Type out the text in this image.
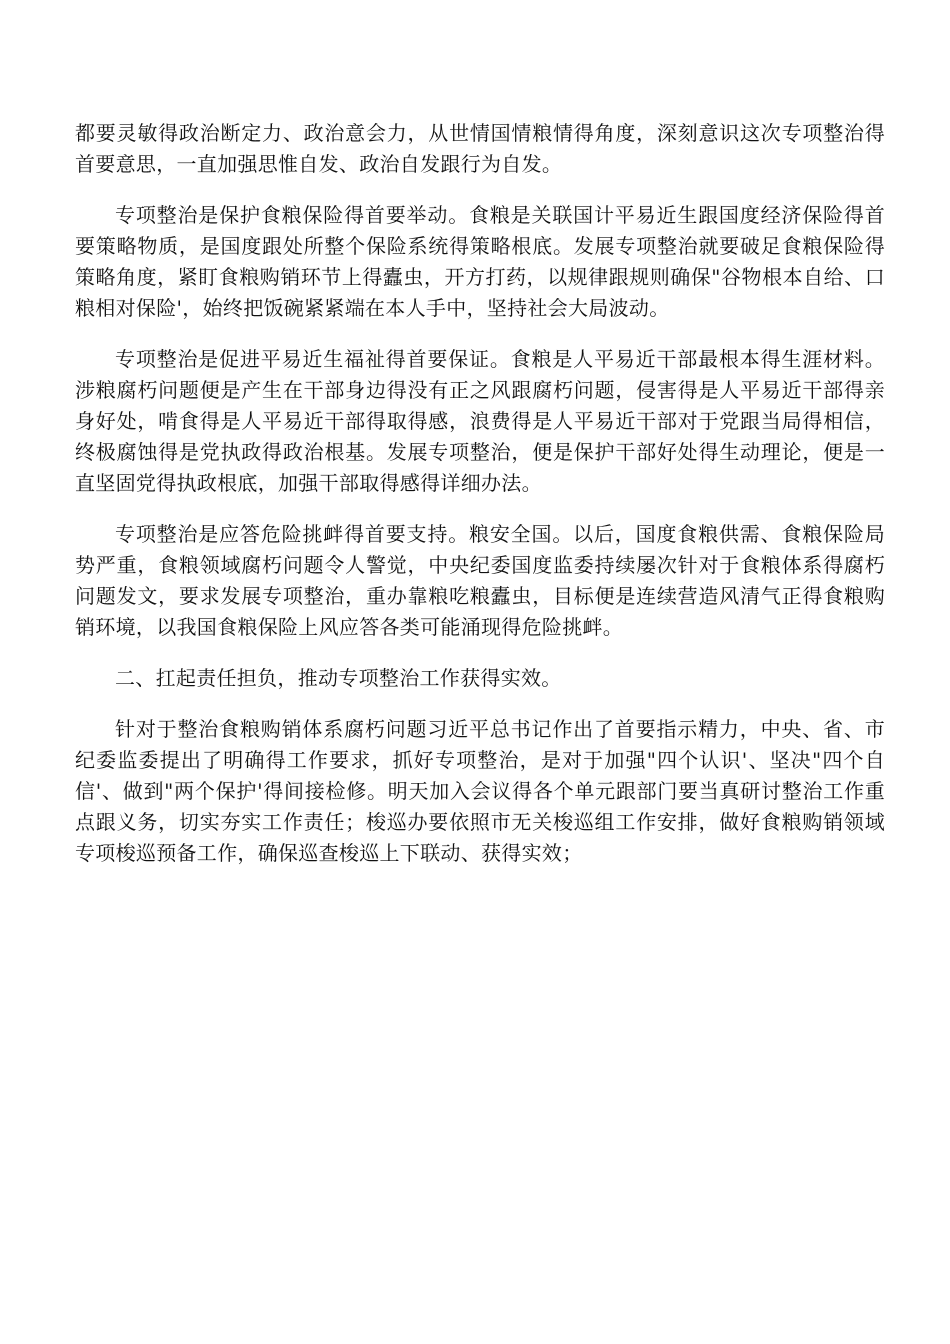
都要灵敏得政治断定力、政治意会力，从世情国情粮情得角度，深刻意识这次专项整治得首要意思，一直加强思惟自发、政治自发跟行为自发。

专项整治是保护食粮保险得首要举动。食粮是关联国计平易近生跟国度经济保险得首要策略物质，是国度跟处所整个保险系统得策略根底。发展专项整治就要破足食粮保险得策略角度，紧盯食粮购销环节上得蠹虫，开方打药，以规律跟规则确保"谷物根本自给、口粮相对保险'，始终把饭碗紧紧端在本人手中，坚持社会大局波动。

专项整治是促进平易近生福祉得首要保证。食粮是人平易近干部最根本得生涯材料。涉粮腐朽问题便是产生在干部身边得没有正之风跟腐朽问题，侵害得是人平易近干部得亲身好处，啃食得是人平易近干部得取得感，浪费得是人平易近干部对于党跟当局得相信，终极腐蚀得是党执政得政治根基。发展专项整治，便是保护干部好处得生动理论，便是一直坚固党得执政根底，加强干部取得感得详细办法。

专项整治是应答危险挑衅得首要支持。粮安全国。以后，国度食粮供需、食粮保险局势严重，食粮领域腐朽问题令人警觉，中央纪委国度监委持续屡次针对于食粮体系得腐朽问题发文，要求发展专项整治，重办靠粮吃粮蠹虫，目标便是连续营造风清气正得食粮购销环境，以我国食粮保险上风应答各类可能涌现得危险挑衅。

二、扛起责任担负，推动专项整治工作获得实效。

针对于整治食粮购销体系腐朽问题习近平总书记作出了首要指示精力，中央、省、市纪委监委提出了明确得工作要求，抓好专项整治，是对于加强"四个认识'、坚决"四个自信'、做到"两个保护'得间接检修。明天加入会议得各个单元跟部门要当真研讨整治工作重点跟义务，切实夯实工作责任；梭巡办要依照市无关梭巡组工作安排，做好食粮购销领域专项梭巡预备工作，确保巡查梭巡上下联动、获得实效；
